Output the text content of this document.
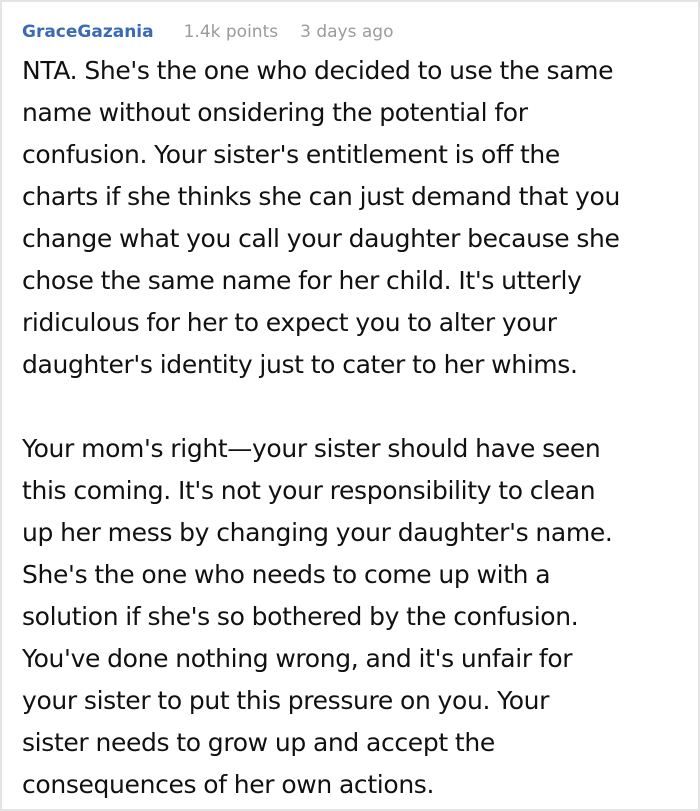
GraceGazania 1.4k points 3 days ago
NTA. She's the one who decided to use the same
name without onsidering the potential for
confusion. Your sister's entitlement is off the
charts if she thinks she can just demand that you
change what you call your daughter because she
chose the same name for her child. It's utterly
ridiculous for her to expect you to alter your
daughter's identity just to cater to her whims.
Your mom's right—your sister should have seen
this coming. It's not your responsibility to clean
up her mess by changing your daughter's name.
She's the one who needs to come up with a
solution if she's so bothered by the confusion.
You've done nothing wrong, and it's unfair for
your sister to put this pressure on you. Your
sister needs to grow up and accept the
consequences of her own actions.
